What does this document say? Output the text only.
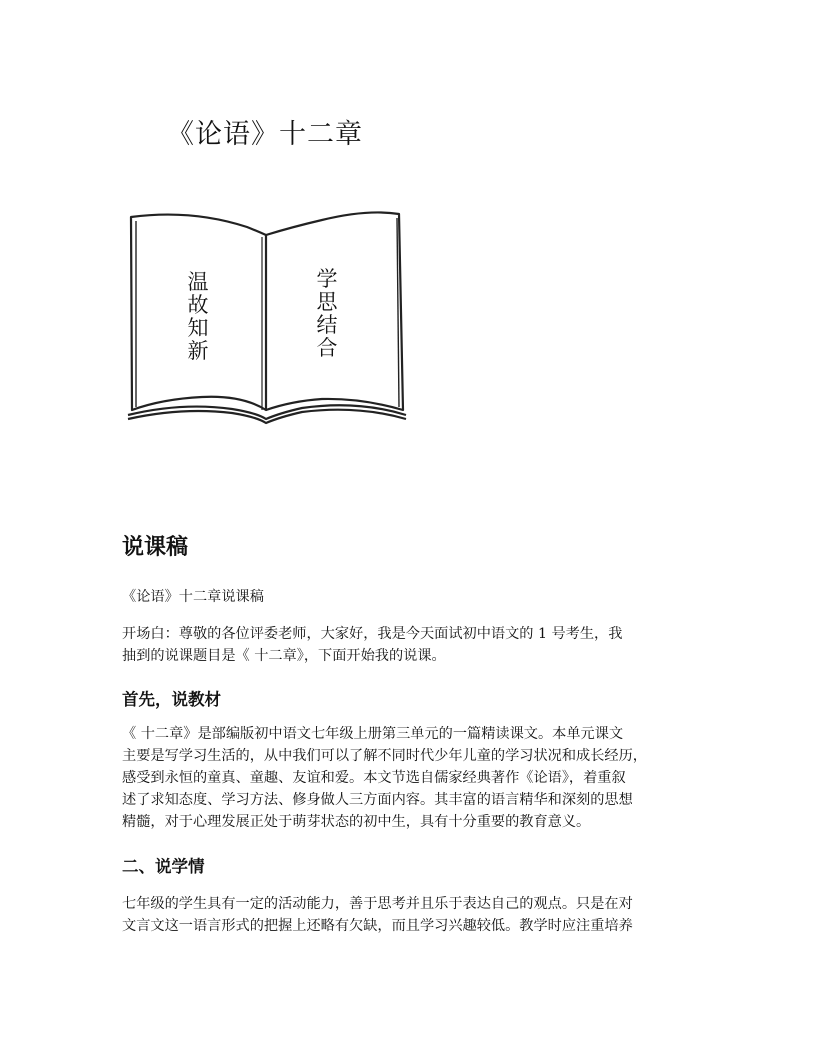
《论语》十二章
温故知新
学思结合
说课稿

《论语》十二章说课稿

开场白：尊敬的各位评委老师，大家好，我是今天面试初中语文的 1 号考生，我
抽到的说课题目是《 十二章》，下面开始我的说课。

首先，说教材

《 十二章》是部编版初中语文七年级上册第三单元的一篇精读课文。本单元课文
主要是写学习生活的，从中我们可以了解不同时代少年儿童的学习状况和成长经历，
感受到永恒的童真、童趣、友谊和爱。本文节选自儒家经典著作《论语》，着重叙
述了求知态度、学习方法、修身做人三方面内容。其丰富的语言精华和深刻的思想
精髓，对于心理发展正处于萌芽状态的初中生，具有十分重要的教育意义。

二、说学情

七年级的学生具有一定的活动能力，善于思考并且乐于表达自己的观点。只是在对
文言文这一语言形式的把握上还略有欠缺，而且学习兴趣较低。教学时应注重培养
